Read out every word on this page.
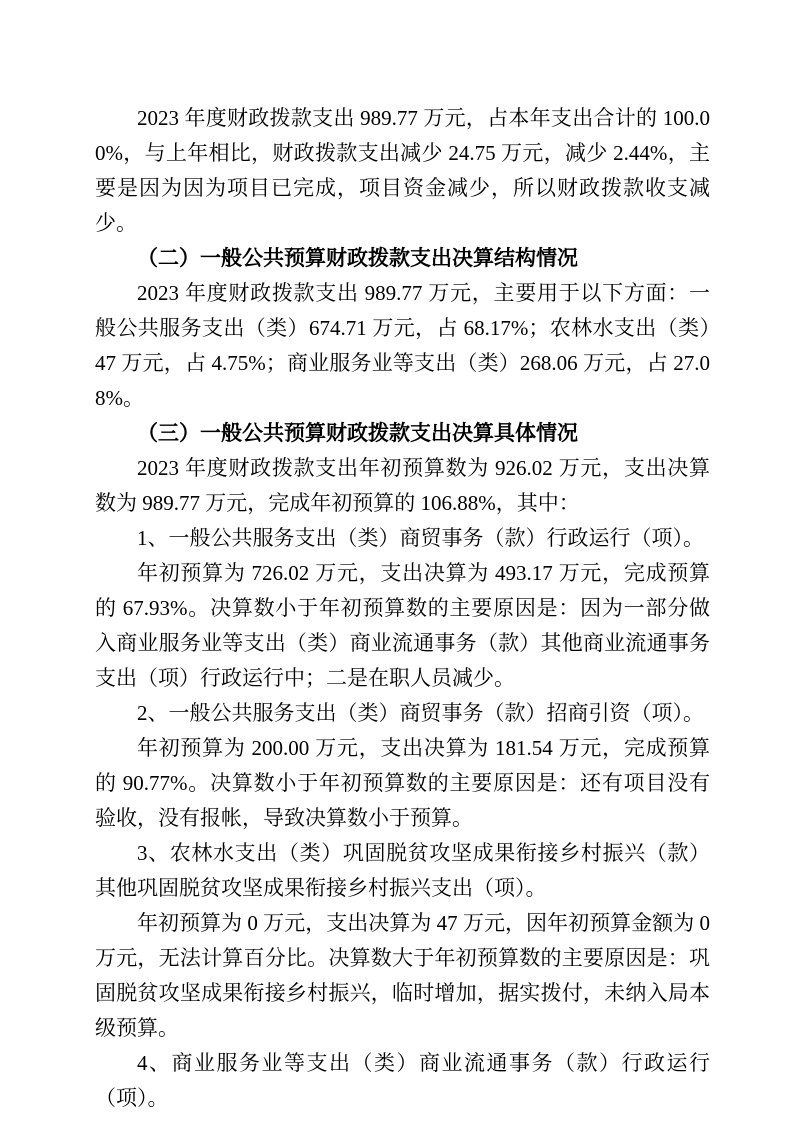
2023 年度财政拨款支出 989.77 万元，占本年支出合计的 100.00%，与上年相比，财政拨款支出减少 24.75 万元，减少 2.44%，主要是因为因为项目已完成，项目资金减少，所以财政拨款收支减少。

（二）一般公共预算财政拨款支出决算结构情况

2023 年度财政拨款支出 989.77 万元，主要用于以下方面：一般公共服务支出（类）674.71 万元，占 68.17%；农林水支出（类）47 万元，占 4.75%；商业服务业等支出（类）268.06 万元，占 27.08%。

（三）一般公共预算财政拨款支出决算具体情况

2023 年度财政拨款支出年初预算数为 926.02 万元，支出决算数为 989.77 万元，完成年初预算的 106.88%，其中：

1、一般公共服务支出（类）商贸事务（款）行政运行（项）。

年初预算为 726.02 万元，支出决算为 493.17 万元，完成预算的 67.93%。决算数小于年初预算数的主要原因是：因为一部分做入商业服务业等支出（类）商业流通事务（款）其他商业流通事务支出（项）行政运行中；二是在职人员减少。

2、一般公共服务支出（类）商贸事务（款）招商引资（项）。

年初预算为 200.00 万元，支出决算为 181.54 万元，完成预算的 90.77%。决算数小于年初预算数的主要原因是：还有项目没有验收，没有报帐，导致决算数小于预算。

3、农林水支出（类）巩固脱贫攻坚成果衔接乡村振兴（款）其他巩固脱贫攻坚成果衔接乡村振兴支出（项）。

年初预算为 0 万元，支出决算为 47 万元，因年初预算金额为 0 万元，无法计算百分比。决算数大于年初预算数的主要原因是：巩固脱贫攻坚成果衔接乡村振兴，临时增加，据实拨付，未纳入局本级预算。

4、商业服务业等支出（类）商业流通事务（款）行政运行（项）。
